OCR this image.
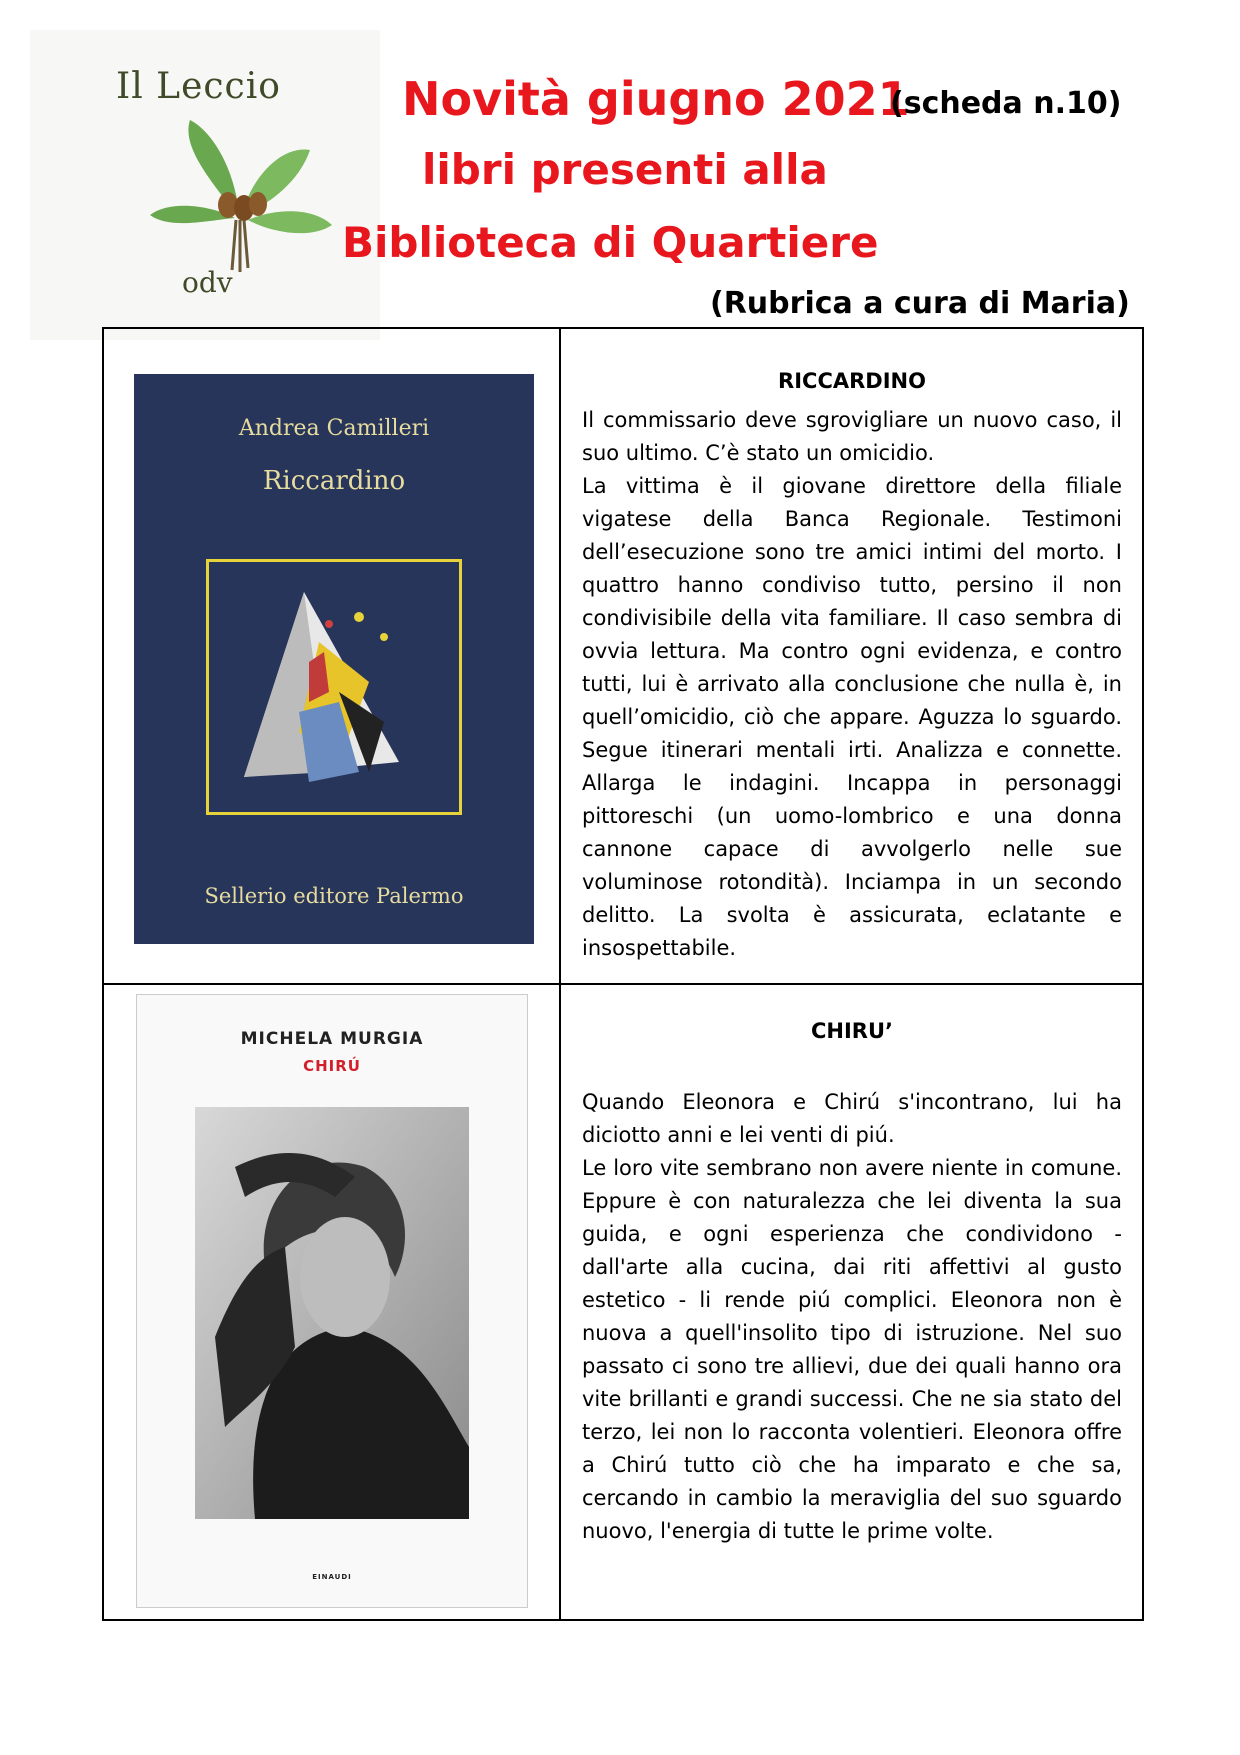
Il Leccio
odv
Novità giugno 2021
(scheda n.10)
libri presenti alla
Biblioteca di Quartiere
(Rubrica a cura di Maria)
Andrea Camilleri
Riccardino
Sellerio editore Palermo
RICCARDINO

Il commissario deve sgrovigliare un nuovo caso, il suo ultimo. C’è stato un omicidio.

La vittima è il giovane direttore della filiale vigatese della Banca Regionale. Testimoni dell’esecuzione sono tre amici intimi del morto. I quattro hanno condiviso tutto, persino il non condivisibile della vita familiare. Il caso sembra di ovvia lettura. Ma contro ogni evidenza, e contro tutti, lui è arrivato alla conclusione che nulla è, in quell’omicidio, ciò che appare. Aguzza lo sguardo. Segue itinerari mentali irti. Analizza e connette. Allarga le indagini. Incappa in personaggi pittoreschi (un uomo-lombrico e una donna cannone capace di avvolgerlo nelle sue voluminose rotondità). Inciampa in un secondo delitto. La svolta è assicurata, eclatante e insospettabile.

MICHELA MURGIA
CHIRÚ
EINAUDI
CHIRU’

Quando Eleonora e Chirú s'incontrano, lui ha diciotto anni e lei venti di piú.

Le loro vite sembrano non avere niente in comune. Eppure è con naturalezza che lei diventa la sua guida, e ogni esperienza che condividono - dall'arte alla cucina, dai riti affettivi al gusto estetico - li rende piú complici. Eleonora non è nuova a quell'insolito tipo di istruzione. Nel suo passato ci sono tre allievi, due dei quali hanno ora vite brillanti e grandi successi. Che ne sia stato del terzo, lei non lo racconta volentieri. Eleonora offre a Chirú tutto ciò che ha imparato e che sa, cercando in cambio la meraviglia del suo sguardo nuovo, l'energia di tutte le prime volte.
